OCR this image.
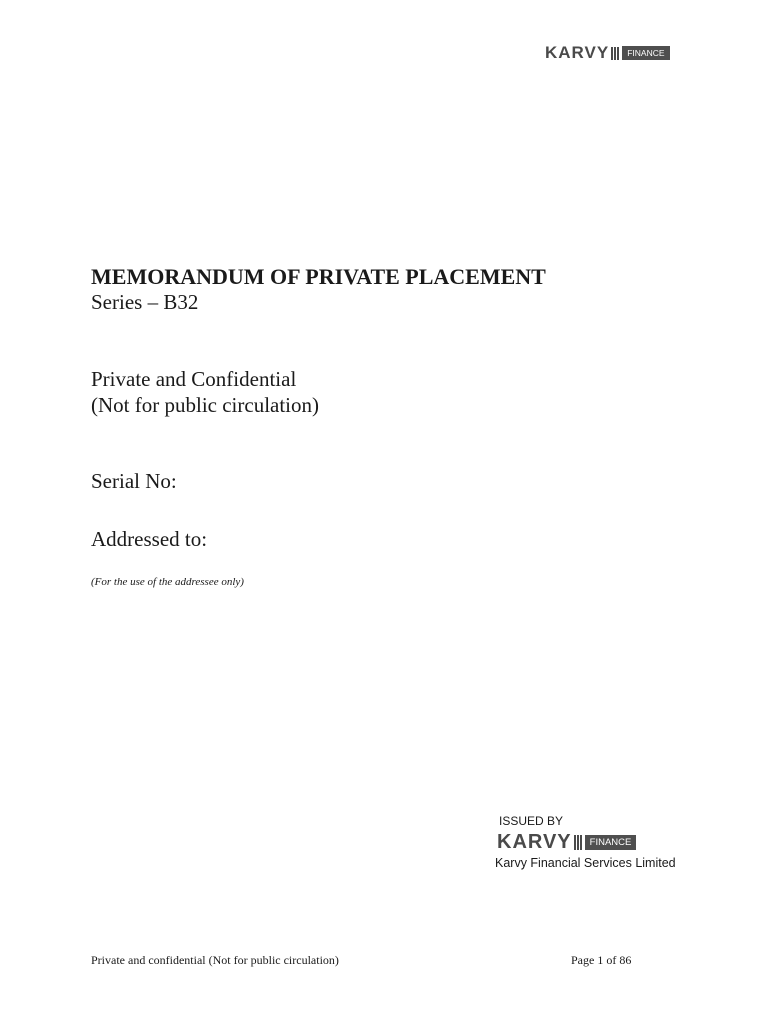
KARVY	FINANCE
MEMORANDUM OF PRIVATE PLACEMENT
Series – B32
Private and Confidential
(Not for public circulation)
Serial No:
Addressed to:
(For the use of the addressee only)
ISSUED BY
KARVY	FINANCE
Karvy Financial Services Limited
Private and confidential (Not for public circulation)	Page 1 of 86
